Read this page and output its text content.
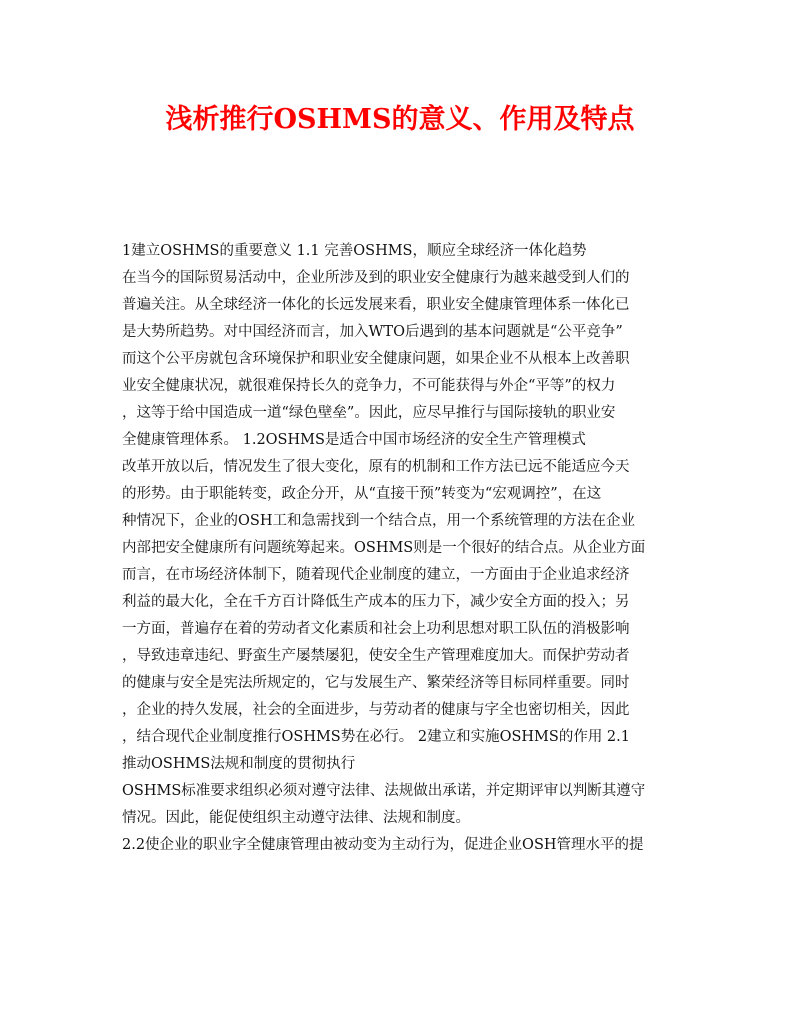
浅析推行OSHMS的意义、作用及特点
1建立OSHMS的重要意义 1.1 完善OSHMS，顺应全球经济一体化趋势
在当今的国际贸易活动中，企业所涉及到的职业安全健康行为越来越受到人们的
普遍关注。从全球经济一体化的长远发展来看，职业安全健康管理体系一体化已
是大势所趋势。对中国经济而言，加入WTO后遇到的基本问题就是“公平竞争”
而这个公平房就包含环境保护和职业安全健康问题，如果企业不从根本上改善职
业安全健康状况，就很难保持长久的竞争力，不可能获得与外企“平等”的权力
，这等于给中国造成一道“绿色壁垒”。因此，应尽早推行与国际接轨的职业安
全健康管理体系。 1.2OSHMS是适合中国市场经济的安全生产管理模式
改革开放以后，情况发生了很大变化，原有的机制和工作方法已远不能适应今天
的形势。由于职能转变，政企分开，从“直接干预”转变为“宏观调控”，在这
种情况下，企业的OSH工和急需找到一个结合点，用一个系统管理的方法在企业
内部把安全健康所有问题统筹起来。OSHMS则是一个很好的结合点。从企业方面
而言，在市场经济体制下，随着现代企业制度的建立，一方面由于企业追求经济
利益的最大化，全在千方百计降低生产成本的压力下，减少安全方面的投入；另
一方面，普遍存在着的劳动者文化素质和社会上功利思想对职工队伍的消极影响
，导致违章违纪、野蛮生产屡禁屡犯，使安全生产管理难度加大。而保护劳动者
的健康与安全是宪法所规定的，它与发展生产、繁荣经济等目标同样重要。同时
，企业的持久发展，社会的全面进步，与劳动者的健康与字全也密切相关，因此
，结合现代企业制度推行OSHMS势在必行。 2建立和实施OSHMS的作用 2.1
推动OSHMS法规和制度的贯彻执行
OSHMS标准要求组织必须对遵守法律、法规做出承诺，并定期评审以判断其遵守
情况。因此，能促使组织主动遵守法律、法规和制度。
2.2使企业的职业字全健康管理由被动变为主动行为，促进企业OSH管理水平的提
